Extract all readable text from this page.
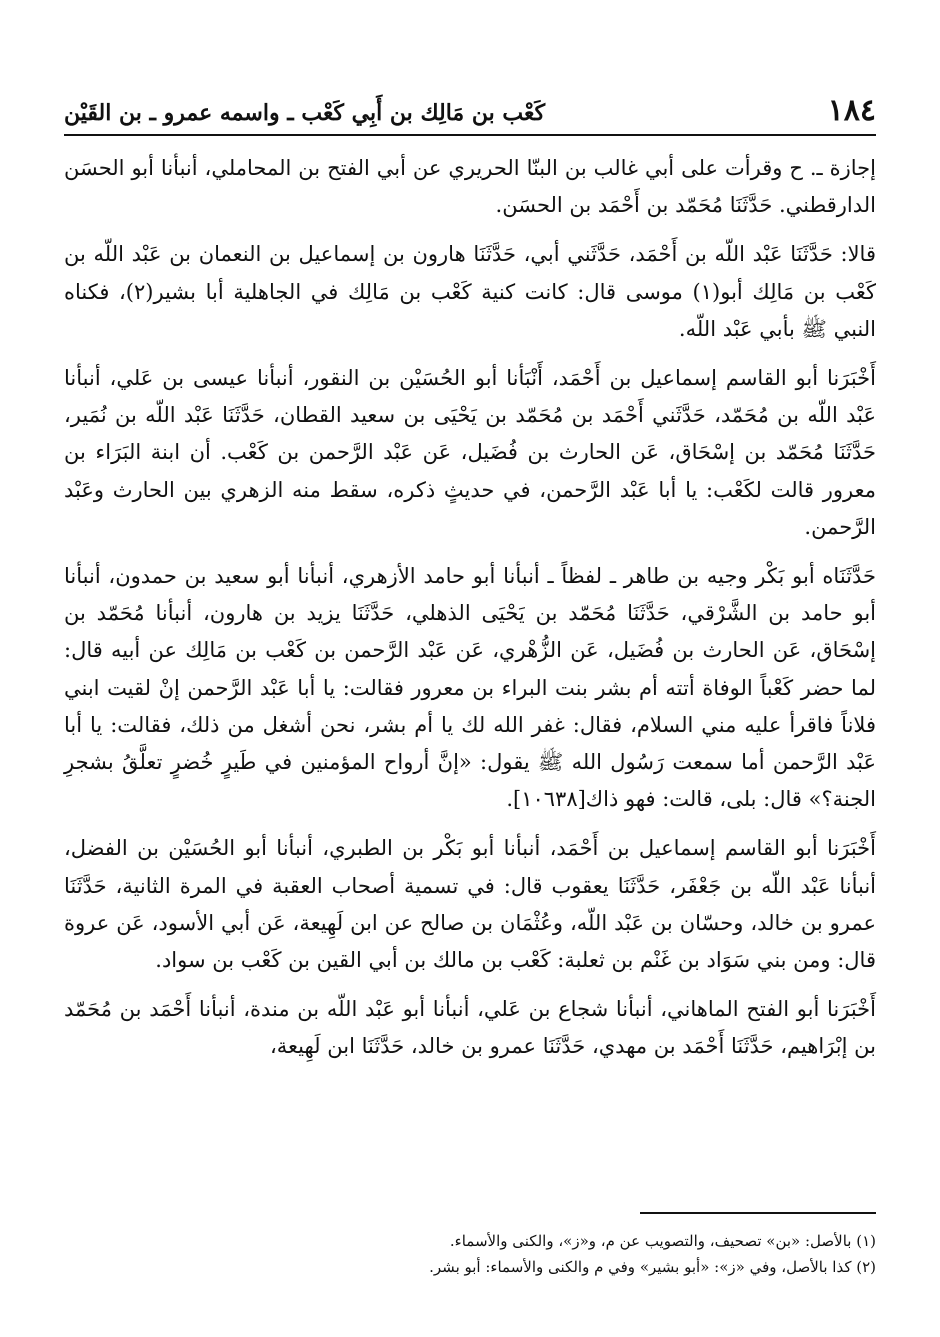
١٨٤
كَعْب بن مَالِك بن أَبِي كَعْب ـ واسمه عمرو ـ بن القَيْن

إجازة ـ. ح وقرأت على أبي غالب بن البنّا الحريري عن أبي الفتح بن المحاملي، أنبأنا أبو الحسَن الدارقطني. حَدَّثَنَا مُحَمّد بن أَحْمَد بن الحسَن.

قالا: حَدَّثَنَا عَبْد اللّه بن أَحْمَد، حَدَّثَني أبي، حَدَّثَنَا هارون بن إسماعيل بن النعمان بن عَبْد اللّه بن كَعْب بن مَالِك أبو(١) موسى قال: كانت كنية كَعْب بن مَالِك في الجاهلية أبا بشير(٢)، فكناه النبي ﷺ بأبي عَبْد اللّه.

أَخْبَرَنا أبو القاسم إسماعيل بن أَحْمَد، أَنْبَأنا أبو الحُسَيْن بن النقور، أنبأنا عيسى بن عَلي، أنبأنا عَبْد اللّه بن مُحَمّد، حَدَّثَني أَحْمَد بن مُحَمّد بن يَحْيَى بن سعيد القطان، حَدَّثَنَا عَبْد اللّه بن نُمَير، حَدَّثَنَا مُحَمّد بن إسْحَاق، عَن الحارث بن فُضَيل، عَن عَبْد الرَّحمن بن كَعْب. أن ابنة البَرَاء بن معرور قالت لكَعْب: يا أبا عَبْد الرَّحمن، في حديثٍ ذكره، سقط منه الزهري بين الحارث وعَبْد الرَّحمن.

حَدَّثَنَاه أبو بَكْر وجيه بن طاهر ـ لفظاً ـ أنبأنا أبو حامد الأزهري، أنبأنا أبو سعيد بن حمدون، أنبأنا أبو حامد بن الشَّرْقي، حَدَّثَنَا مُحَمّد بن يَحْيَى الذهلي، حَدَّثَنَا يزيد بن هارون، أنبأنا مُحَمّد بن إسْحَاق، عَن الحارث بن فُضَيل، عَن الزُّهْري، عَن عَبْد الرَّحمن بن كَعْب بن مَالِك عن أبيه قال: لما حضر كَعْباً الوفاة أتته أم بشر بنت البراء بن معرور فقالت: يا أبا عَبْد الرَّحمن إنْ لقيت ابني فلاناً فاقرأ عليه مني السلام، فقال: غفر الله لك يا أم بشر، نحن أشغل من ذلك، فقالت: يا أبا عَبْد الرَّحمن أما سمعت رَسُول الله ﷺ يقول: «إنَّ أرواح المؤمنين في طَيرٍ خُضرٍ تعلَّقُ بشجرِ الجنة؟» قال: بلى، قالت: فهو ذاك[١٠٦٣٨].

أَخْبَرَنا أبو القاسم إسماعيل بن أَحْمَد، أنبأنا أبو بَكْر بن الطبري، أنبأنا أبو الحُسَيْن بن الفضل، أنبأنا عَبْد اللّه بن جَعْفَر، حَدَّثَنَا يعقوب قال: في تسمية أصحاب العقبة في المرة الثانية، حَدَّثَنَا عمرو بن خالد، وحسّان بن عَبْد اللّه، وعُثْمَان بن صالح عن ابن لَهِيعة، عَن أبي الأسود، عَن عروة قال: ومن بني سَوَاد بن غَنْم بن ثعلبة: كَعْب بن مالك بن أبي القين بن كَعْب بن سواد.

أَخْبَرَنا أبو الفتح الماهاني، أنبأنا شجاع بن عَلي، أنبأنا أبو عَبْد اللّه بن مندة، أنبأنا أَحْمَد بن مُحَمّد بن إبْرَاهيم، حَدَّثَنَا أَحْمَد بن مهدي، حَدَّثَنَا عمرو بن خالد، حَدَّثَنَا ابن لَهِيعة،

(١) بالأصل: «بن» تصحيف، والتصويب عن م، و«ز»، والكنى والأسماء.

(٢) كذا بالأصل، وفي «ز»: «أبو بشير» وفي م والكنى والأسماء: أبو بشر.
